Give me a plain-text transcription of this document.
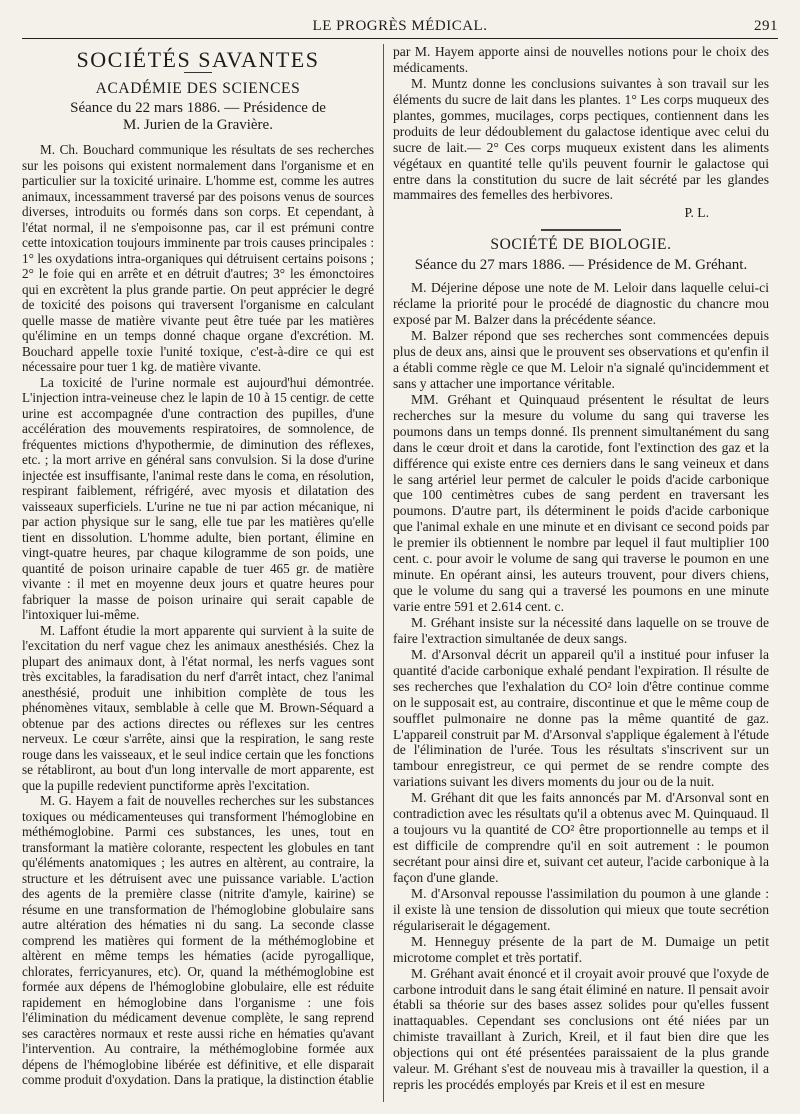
LE PROGRÈS MÉDICAL.	291
SOCIÉTÉS SAVANTES
ACADÉMIE DES SCIENCES
Séance du 22 mars 1886. — Présidence de
M. Jurien de la Gravière.

M. Ch. Bouchard communique les résultats de ses recherches sur les poisons qui existent normalement dans l'organisme et en particulier sur la toxicité urinaire. L'homme est, comme les autres animaux, incessamment traversé par des poisons venus de sources diverses, introduits ou formés dans son corps. Et cependant, à l'état normal, il ne s'empoisonne pas, car il est prémuni contre cette intoxication toujours imminente par trois causes principales : 1° les oxydations intra-organiques qui détruisent certains poisons ; 2° le foie qui en arrête et en détruit d'autres; 3° les émonctoires qui en excrètent la plus grande partie. On peut apprécier le degré de toxicité des poisons qui traversent l'organisme en calculant quelle masse de matière vivante peut être tuée par les matières qu'élimine en un temps donné chaque organe d'excrétion. M. Bouchard appelle toxie l'unité toxique, c'est-à-dire ce qui est nécessaire pour tuer 1 kg. de matière vivante.

La toxicité de l'urine normale est aujourd'hui démontrée. L'injection intra-veineuse chez le lapin de 10 à 15 centigr. de cette urine est accompagnée d'une contraction des pupilles, d'une accélération des mouvements respiratoires, de somnolence, de fréquentes mictions d'hypothermie, de diminution des réflexes, etc. ; la mort arrive en général sans convulsion. Si la dose d'urine injectée est insuffisante, l'animal reste dans le coma, en résolution, respirant faiblement, réfrigéré, avec myosis et dilatation des vaisseaux superficiels. L'urine ne tue ni par action mécanique, ni par action physique sur le sang, elle tue par les matières qu'elle tient en dissolution. L'homme adulte, bien portant, élimine en vingt-quatre heures, par chaque kilogramme de son poids, une quantité de poison urinaire capable de tuer 465 gr. de matière vivante : il met en moyenne deux jours et quatre heures pour fabriquer la masse de poison urinaire qui serait capable de l'intoxiquer lui-même.

M. Laffont étudie la mort apparente qui survient à la suite de l'excitation du nerf vague chez les animaux anesthésiés. Chez la plupart des animaux dont, à l'état normal, les nerfs vagues sont très excitables, la faradisation du nerf d'arrêt intact, chez l'animal anesthésié, produit une inhibition complète de tous les phénomènes vitaux, semblable à celle que M. Brown-Séquard a obtenue par des actions directes ou réflexes sur les centres nerveux. Le cœur s'arrête, ainsi que la respiration, le sang reste rouge dans les vaisseaux, et le seul indice certain que les fonctions se rétabliront, au bout d'un long intervalle de mort apparente, est que la pupille redevient punctiforme après l'excitation.

M. G. Hayem a fait de nouvelles recherches sur les substances toxiques ou médicamenteuses qui transforment l'hémoglobine en méthémoglobine. Parmi ces substances, les unes, tout en transformant la matière colorante, respectent les globules en tant qu'éléments anatomiques ; les autres en altèrent, au contraire, la structure et les détruisent avec une puissance variable. L'action des agents de la première classe (nitrite d'amyle, kairine) se résume en une transformation de l'hémoglobine globulaire sans autre altération des hématies ni du sang. La seconde classe comprend les matières qui forment de la méthémoglobine et altèrent en même temps les hématies (acide pyrogallique, chlorates, ferricyanures, etc). Or, quand la méthémoglobine est formée aux dépens de l'hémoglobine globulaire, elle est réduite rapidement en hémoglobine dans l'organisme : une fois l'élimination du médicament devenue complète, le sang reprend ses caractères normaux et reste aussi riche en hématies qu'avant l'intervention. Au contraire, la méthémoglobine formée aux dépens de l'hémoglobine libérée est définitive, et elle disparait comme produit d'oxydation. Dans la pratique, la distinction établie

par M. Hayem apporte ainsi de nouvelles notions pour le choix des médicaments.

M. Muntz donne les conclusions suivantes à son travail sur les éléments du sucre de lait dans les plantes. 1° Les corps muqueux des plantes, gommes, mucilages, corps pectiques, contiennent dans les produits de leur dédoublement du galactose identique avec celui du sucre de lait.— 2° Ces corps muqueux existent dans les aliments végétaux en quantité telle qu'ils peuvent fournir le galactose qui entre dans la constitution du sucre de lait sécrété par les glandes mammaires des femelles des herbivores.

P. L.
SOCIÉTÉ DE BIOLOGIE.
Séance du 27 mars 1886. — Présidence de M. Gréhant.

M. Déjerine dépose une note de M. Leloir dans laquelle celui-ci réclame la priorité pour le procédé de diagnostic du chancre mou exposé par M. Balzer dans la précédente séance.

M. Balzer répond que ses recherches sont commencées depuis plus de deux ans, ainsi que le prouvent ses observations et qu'enfin il a établi comme règle ce que M. Leloir n'a signalé qu'incidemment et sans y attacher une importance véritable.

MM. Gréhant et Quinquaud présentent le résultat de leurs recherches sur la mesure du volume du sang qui traverse les poumons dans un temps donné. Ils prennent simultanément du sang dans le cœur droit et dans la carotide, font l'extinction des gaz et la différence qui existe entre ces derniers dans le sang veineux et dans le sang artériel leur permet de calculer le poids d'acide carbonique que 100 centimètres cubes de sang perdent en traversant les poumons. D'autre part, ils déterminent le poids d'acide carbonique que l'animal exhale en une minute et en divisant ce second poids par le premier ils obtiennent le nombre par lequel il faut multiplier 100 cent. c. pour avoir le volume de sang qui traverse le poumon en une minute. En opérant ainsi, les auteurs trouvent, pour divers chiens, que le volume du sang qui a traversé les poumons en une minute varie entre 591 et 2.614 cent. c.

M. Gréhant insiste sur la nécessité dans laquelle on se trouve de faire l'extraction simultanée de deux sangs.

M. d'Arsonval décrit un appareil qu'il a institué pour infuser la quantité d'acide carbonique exhalé pendant l'expiration. Il résulte de ses recherches que l'exhalation du CO² loin d'être continue comme on le supposait est, au contraire, discontinue et que le même coup de soufflet pulmonaire ne donne pas la même quantité de gaz. L'appareil construit par M. d'Arsonval s'applique également à l'étude de l'élimination de l'urée. Tous les résultats s'inscrivent sur un tambour enregistreur, ce qui permet de se rendre compte des variations suivant les divers moments du jour ou de la nuit.

M. Gréhant dit que les faits annoncés par M. d'Arsonval sont en contradiction avec les résultats qu'il a obtenus avec M. Quinquaud. Il a toujours vu la quantité de CO² être proportionnelle au temps et il est difficile de comprendre qu'il en soit autrement : le poumon secrétant pour ainsi dire et, suivant cet auteur, l'acide carbonique à la façon d'une glande.

M. d'Arsonval repousse l'assimilation du poumon à une glande : il existe là une tension de dissolution qui mieux que toute secrétion régulariserait le dégagement.

M. Henneguy présente de la part de M. Dumaige un petit microtome complet et très portatif.

M. Gréhant avait énoncé et il croyait avoir prouvé que l'oxyde de carbone introduit dans le sang était éliminé en nature. Il pensait avoir établi sa théorie sur des bases assez solides pour qu'elles fussent inattaquables. Cependant ses conclusions ont été niées par un chimiste travaillant à Zurich, Kreil, et il faut bien dire que les objections qui ont été présentées paraissaient de la plus grande valeur. M. Gréhant s'est de nouveau mis à travailler la question, il a repris les procédés employés par Kreis et il est en mesure
